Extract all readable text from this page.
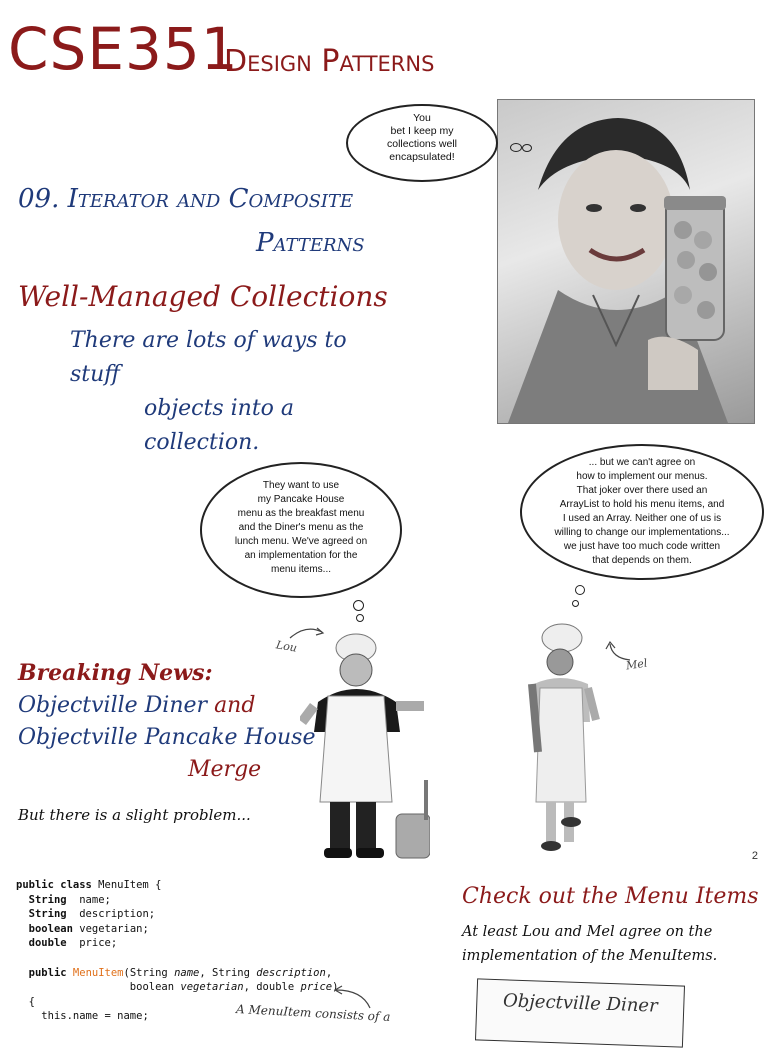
CSE351
Design Patterns
09. Iterator and Composite
Patterns
Well-Managed Collections
There are lots of ways to stuff
objects into a collection.
You
bet I keep my
collections well
encapsulated!
They want to use
my Pancake House
menu as the breakfast menu
and the Diner's menu as the
lunch menu. We've agreed on
an implementation for the
menu items...
... but we can't agree on
how to implement our menus.
That joker over there used an
ArrayList to hold his menu items, and
I used an Array. Neither one of us is
willing to change our implementations...
we just have too much code written
that depends on them.
Lou
Mel
Breaking News:
Objectville Diner and
Objectville Pancake House
Merge
But there is a slight problem...
2
public class MenuItem {
String  name;
String  description;
boolean vegetarian;
double  price;

public MenuItem(String name, String description,
boolean vegetarian, double price)
{
this.name = name;	A MenuItem consists of a
Check out the Menu Items
At least Lou and Mel agree on the implementation of the MenuItems.
Objectville Diner
